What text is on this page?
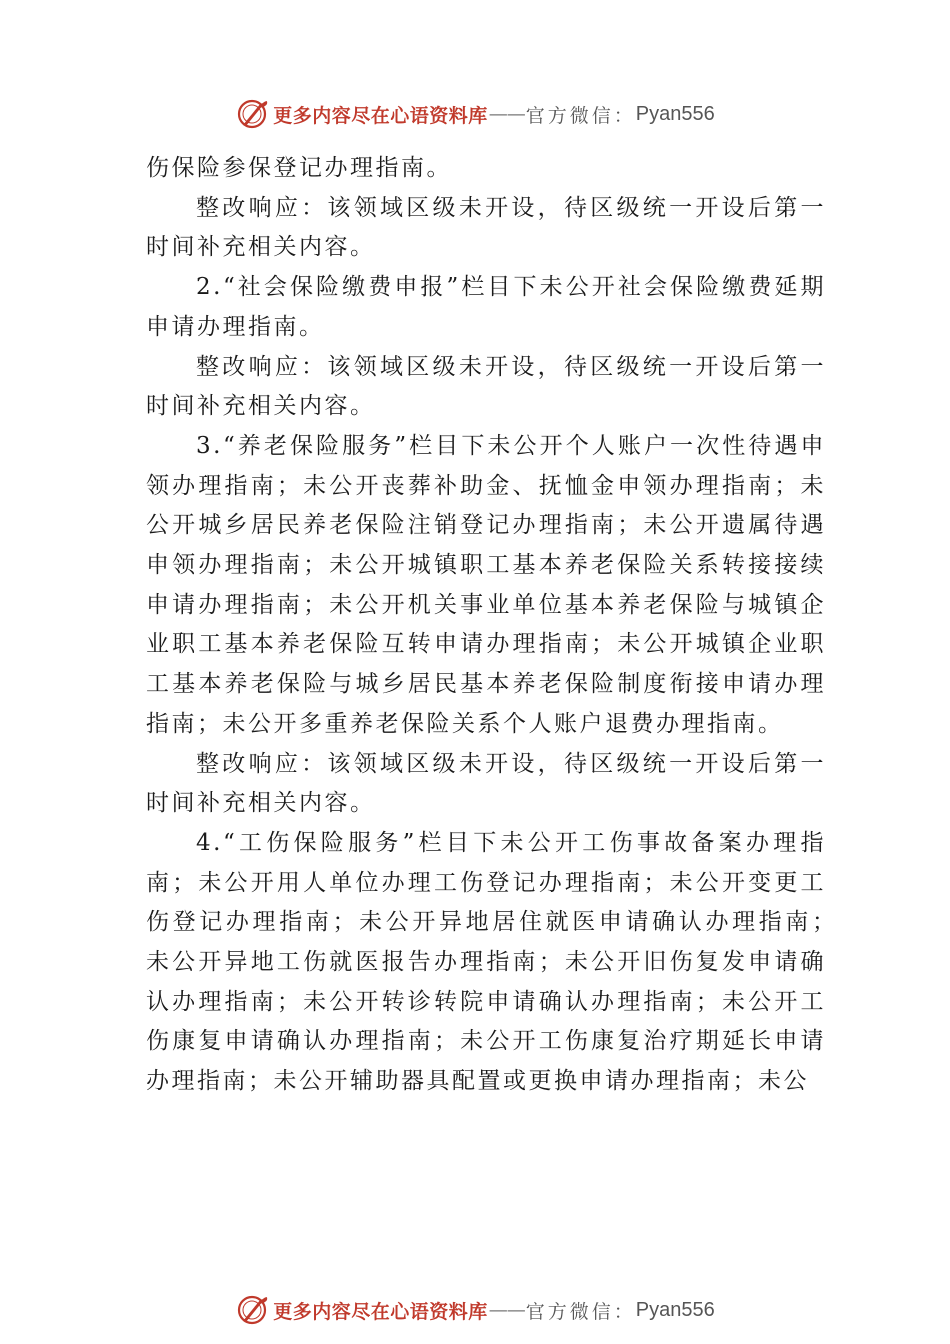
更多内容尽在心语资料库 —— 官方微信： Pyan556

伤保险参保登记办理指南。

整改响应：该领域区级未开设，待区级统一开设后第一时间补充相关内容。

2.“社会保险缴费申报”栏目下未公开社会保险缴费延期申请办理指南。

整改响应：该领域区级未开设，待区级统一开设后第一时间补充相关内容。

3.“养老保险服务”栏目下未公开个人账户一次性待遇申领办理指南；未公开丧葬补助金、抚恤金申领办理指南；未公开城乡居民养老保险注销登记办理指南；未公开遗属待遇申领办理指南；未公开城镇职工基本养老保险关系转接接续申请办理指南；未公开机关事业单位基本养老保险与城镇企业职工基本养老保险互转申请办理指南；未公开城镇企业职工基本养老保险与城乡居民基本养老保险制度衔接申请办理指南；未公开多重养老保险关系个人账户退费办理指南。

整改响应：该领域区级未开设，待区级统一开设后第一时间补充相关内容。

4.“工伤保险服务”栏目下未公开工伤事故备案办理指南；未公开用人单位办理工伤登记办理指南；未公开变更工伤登记办理指南；未公开异地居住就医申请确认办理指南；　未公开异地工伤就医报告办理指南；未公开旧伤复发申请确认办理指南；未公开转诊转院申请确认办理指南；未公开工伤康复申请确认办理指南；未公开工伤康复治疗期延长申请办理指南；未公开辅助器具配置或更换申请办理指南；未公

更多内容尽在心语资料库 —— 官方微信： Pyan556
